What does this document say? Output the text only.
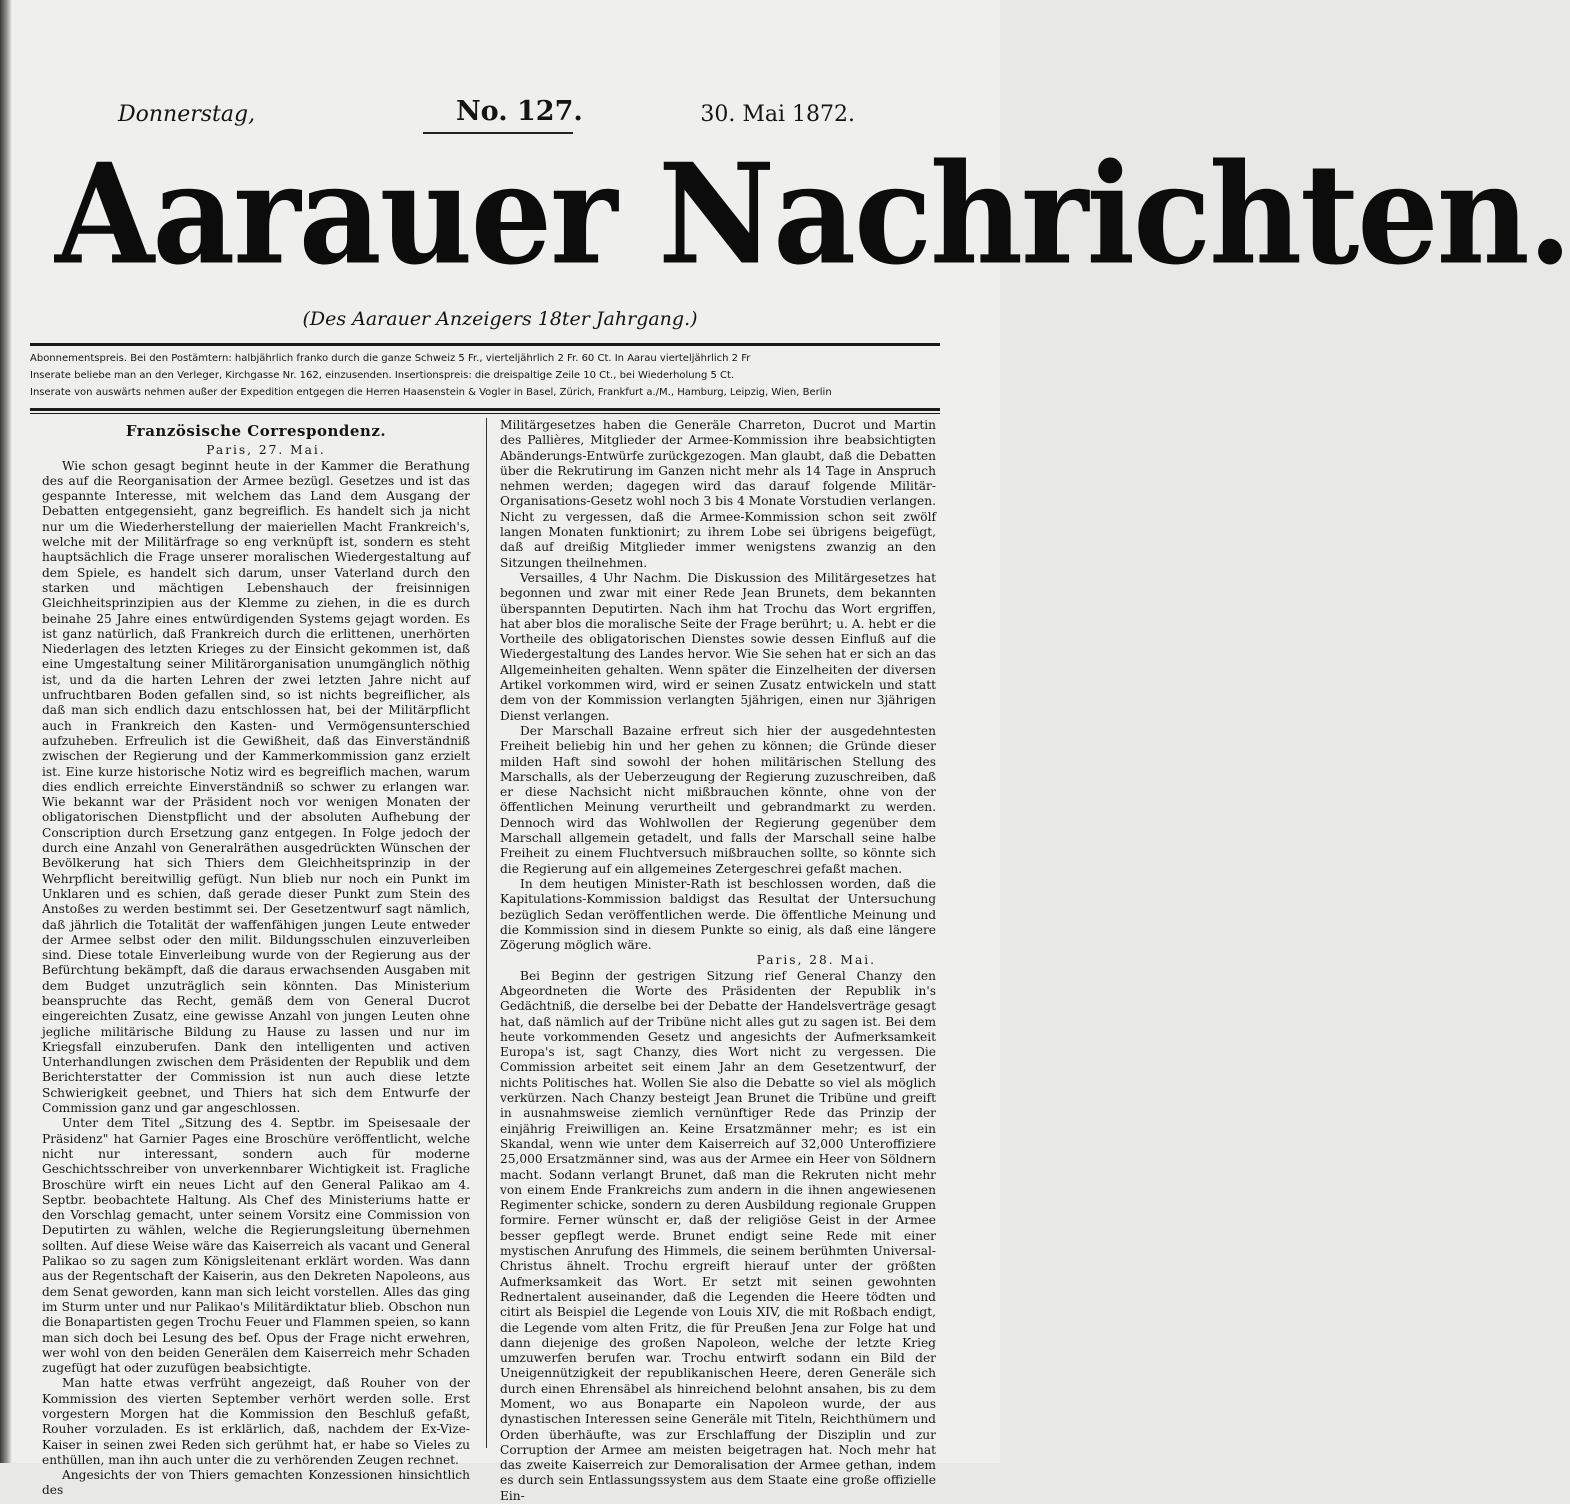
Donnerstag,	No. 127.	30. Mai 1872.
Aarauer Nachrichten.
(Des Aarauer Anzeigers 18ter Jahrgang.)
Abonnementspreis. Bei den Postämtern: halbjährlich franko durch die ganze Schweiz 5 Fr., vierteljährlich 2 Fr. 60 Ct. In Aarau vierteljährlich 2 Fr
Inserate beliebe man an den Verleger, Kirchgasse Nr. 162, einzusenden. Insertionspreis: die dreispaltige Zeile 10 Ct., bei Wiederholung 5 Ct.
Inserate von auswärts nehmen außer der Expedition entgegen die Herren Haasenstein & Vogler in Basel, Zürich, Frankfurt a./M., Hamburg, Leipzig, Wien, Berlin
Französische Correspondenz.

Paris, 27. Mai.

Wie schon gesagt beginnt heute in der Kammer die Berathung des auf die Reorganisation der Armee bezügl. Gesetzes und ist das gespannte Interesse, mit welchem das Land dem Ausgang der Debatten entgegensieht, ganz begreiflich. Es handelt sich ja nicht nur um die Wiederherstellung der maieriellen Macht Frankreich's, welche mit der Militärfrage so eng verknüpft ist, sondern es steht hauptsächlich die Frage unserer moralischen Wiedergestaltung auf dem Spiele, es handelt sich darum, unser Vaterland durch den starken und mächtigen Lebenshauch der freisinnigen Gleichheitsprinzipien aus der Klemme zu ziehen, in die es durch beinahe 25 Jahre eines entwürdigenden Systems gejagt worden. Es ist ganz natürlich, daß Frankreich durch die erlittenen, unerhörten Niederlagen des letzten Krieges zu der Einsicht gekommen ist, daß eine Umgestaltung seiner Militärorganisation unumgänglich nöthig ist, und da die harten Lehren der zwei letzten Jahre nicht auf unfruchtbaren Boden gefallen sind, so ist nichts begreiflicher, als daß man sich endlich dazu entschlossen hat, bei der Militärpflicht auch in Frankreich den Kasten- und Vermögensunterschied aufzuheben. Erfreulich ist die Gewißheit, daß das Einverständniß zwischen der Regierung und der Kammerkommission ganz erzielt ist. Eine kurze historische Notiz wird es begreiflich machen, warum dies endlich erreichte Einverständniß so schwer zu erlangen war. Wie bekannt war der Präsident noch vor wenigen Monaten der obligatorischen Dienstpflicht und der absoluten Aufhebung der Conscription durch Ersetzung ganz entgegen. In Folge jedoch der durch eine Anzahl von Generalräthen ausgedrückten Wünschen der Bevölkerung hat sich Thiers dem Gleichheitsprinzip in der Wehrpflicht bereitwillig gefügt. Nun blieb nur noch ein Punkt im Unklaren und es schien, daß gerade dieser Punkt zum Stein des Anstoßes zu werden bestimmt sei. Der Gesetzentwurf sagt nämlich, daß jährlich die Totalität der waffenfähigen jungen Leute entweder der Armee selbst oder den milit. Bildungsschulen einzuverleiben sind. Diese totale Einverleibung wurde von der Regierung aus der Befürchtung bekämpft, daß die daraus erwachsenden Ausgaben mit dem Budget unzuträglich sein könnten. Das Ministerium beanspruchte das Recht, gemäß dem von General Ducrot eingereichten Zusatz, eine gewisse Anzahl von jungen Leuten ohne jegliche militärische Bildung zu Hause zu lassen und nur im Kriegsfall einzuberufen. Dank den intelligenten und activen Unterhandlungen zwischen dem Präsidenten der Republik und dem Berichterstatter der Commission ist nun auch diese letzte Schwierigkeit geebnet, und Thiers hat sich dem Entwurfe der Commission ganz und gar angeschlossen.

Unter dem Titel „Sitzung des 4. Septbr. im Speisesaale der Präsidenz" hat Garnier Pages eine Broschüre veröffentlicht, welche nicht nur interessant, sondern auch für moderne Geschichtsschreiber von unverkennbarer Wichtigkeit ist. Fragliche Broschüre wirft ein neues Licht auf den General Palikao am 4. Septbr. beobachtete Haltung. Als Chef des Ministeriums hatte er den Vorschlag gemacht, unter seinem Vorsitz eine Commission von Deputirten zu wählen, welche die Regierungsleitung übernehmen sollten. Auf diese Weise wäre das Kaiserreich als vacant und General Palikao so zu sagen zum Königsleitenant erklärt worden. Was dann aus der Regentschaft der Kaiserin, aus den Dekreten Napoleons, aus dem Senat geworden, kann man sich leicht vorstellen. Alles das ging im Sturm unter und nur Palikao's Militärdiktatur blieb. Obschon nun die Bonapartisten gegen Trochu Feuer und Flammen speien, so kann man sich doch bei Lesung des bef. Opus der Frage nicht erwehren, wer wohl von den beiden Generälen dem Kaiserreich mehr Schaden zugefügt hat oder zuzufügen beabsichtigte.

Man hatte etwas verfrüht angezeigt, daß Rouher von der Kommission des vierten September verhört werden solle. Erst vorgestern Morgen hat die Kommission den Beschluß gefaßt, Rouher vorzuladen. Es ist erklärlich, daß, nachdem der Ex-Vize-Kaiser in seinen zwei Reden sich gerühmt hat, er habe so Vieles zu enthüllen, man ihn auch unter die zu verhörenden Zeugen rechnet.

Angesichts der von Thiers gemachten Konzessionen hinsichtlich des

Militärgesetzes haben die Generäle Charreton, Ducrot und Martin des Pallières, Mitglieder der Armee-Kommission ihre beabsichtigten Abänderungs-Entwürfe zurückgezogen. Man glaubt, daß die Debatten über die Rekrutirung im Ganzen nicht mehr als 14 Tage in Anspruch nehmen werden; dagegen wird das darauf folgende Militär-Organisations-Gesetz wohl noch 3 bis 4 Monate Vorstudien verlangen. Nicht zu vergessen, daß die Armee-Kommission schon seit zwölf langen Monaten funktionirt; zu ihrem Lobe sei übrigens beigefügt, daß auf dreißig Mitglieder immer wenigstens zwanzig an den Sitzungen theilnehmen.

Versailles, 4 Uhr Nachm. Die Diskussion des Militärgesetzes hat begonnen und zwar mit einer Rede Jean Brunets, dem bekannten überspannten Deputirten. Nach ihm hat Trochu das Wort ergriffen, hat aber blos die moralische Seite der Frage berührt; u. A. hebt er die Vortheile des obligatorischen Dienstes sowie dessen Einfluß auf die Wiedergestaltung des Landes hervor. Wie Sie sehen hat er sich an das Allgemeinheiten gehalten. Wenn später die Einzelheiten der diversen Artikel vorkommen wird, wird er seinen Zusatz entwickeln und statt dem von der Kommission verlangten 5jährigen, einen nur 3jährigen Dienst verlangen.

Der Marschall Bazaine erfreut sich hier der ausgedehntesten Freiheit beliebig hin und her gehen zu können; die Gründe dieser milden Haft sind sowohl der hohen militärischen Stellung des Marschalls, als der Ueberzeugung der Regierung zuzuschreiben, daß er diese Nachsicht nicht mißbrauchen könnte, ohne von der öffentlichen Meinung verurtheilt und gebrandmarkt zu werden. Dennoch wird das Wohlwollen der Regierung gegenüber dem Marschall allgemein getadelt, und falls der Marschall seine halbe Freiheit zu einem Fluchtversuch mißbrauchen sollte, so könnte sich die Regierung auf ein allgemeines Zetergeschrei gefaßt machen.

In dem heutigen Minister-Rath ist beschlossen worden, daß die Kapitulations-Kommission baldigst das Resultat der Untersuchung bezüglich Sedan veröffentlichen werde. Die öffentliche Meinung und die Kommission sind in diesem Punkte so einig, als daß eine längere Zögerung möglich wäre.

Paris, 28. Mai.

Bei Beginn der gestrigen Sitzung rief General Chanzy den Abgeordneten die Worte des Präsidenten der Republik in's Gedächtniß, die derselbe bei der Debatte der Handelsverträge gesagt hat, daß nämlich auf der Tribüne nicht alles gut zu sagen ist. Bei dem heute vorkommenden Gesetz und angesichts der Aufmerksamkeit Europa's ist, sagt Chanzy, dies Wort nicht zu vergessen. Die Commission arbeitet seit einem Jahr an dem Gesetzentwurf, der nichts Politisches hat. Wollen Sie also die Debatte so viel als möglich verkürzen. Nach Chanzy besteigt Jean Brunet die Tribüne und greift in ausnahmsweise ziemlich vernünftiger Rede das Prinzip der einjährig Freiwilligen an. Keine Ersatzmänner mehr; es ist ein Skandal, wenn wie unter dem Kaiserreich auf 32,000 Unteroffiziere 25,000 Ersatzmänner sind, was aus der Armee ein Heer von Söldnern macht. Sodann verlangt Brunet, daß man die Rekruten nicht mehr von einem Ende Frankreichs zum andern in die ihnen angewiesenen Regimenter schicke, sondern zu deren Ausbildung regionale Gruppen formire. Ferner wünscht er, daß der religiöse Geist in der Armee besser gepflegt werde. Brunet endigt seine Rede mit einer mystischen Anrufung des Himmels, die seinem berühmten Universal-Christus ähnelt. Trochu ergreift hierauf unter der größten Aufmerksamkeit das Wort. Er setzt mit seinen gewohnten Rednertalent auseinander, daß die Legenden die Heere tödten und citirt als Beispiel die Legende von Louis XIV, die mit Roßbach endigt, die Legende vom alten Fritz, die für Preußen Jena zur Folge hat und dann diejenige des großen Napoleon, welche der letzte Krieg umzuwerfen berufen war. Trochu entwirft sodann ein Bild der Uneigennützigkeit der republikanischen Heere, deren Generäle sich durch einen Ehrensäbel als hinreichend belohnt ansahen, bis zu dem Moment, wo aus Bonaparte ein Napoleon wurde, der aus dynastischen Interessen seine Generäle mit Titeln, Reichthümern und Orden überhäufte, was zur Erschlaffung der Disziplin und zur Corruption der Armee am meisten beigetragen hat. Noch mehr hat das zweite Kaiserreich zur Demoralisation der Armee gethan, indem es durch sein Entlassungssystem aus dem Staate eine große offizielle Ein-
